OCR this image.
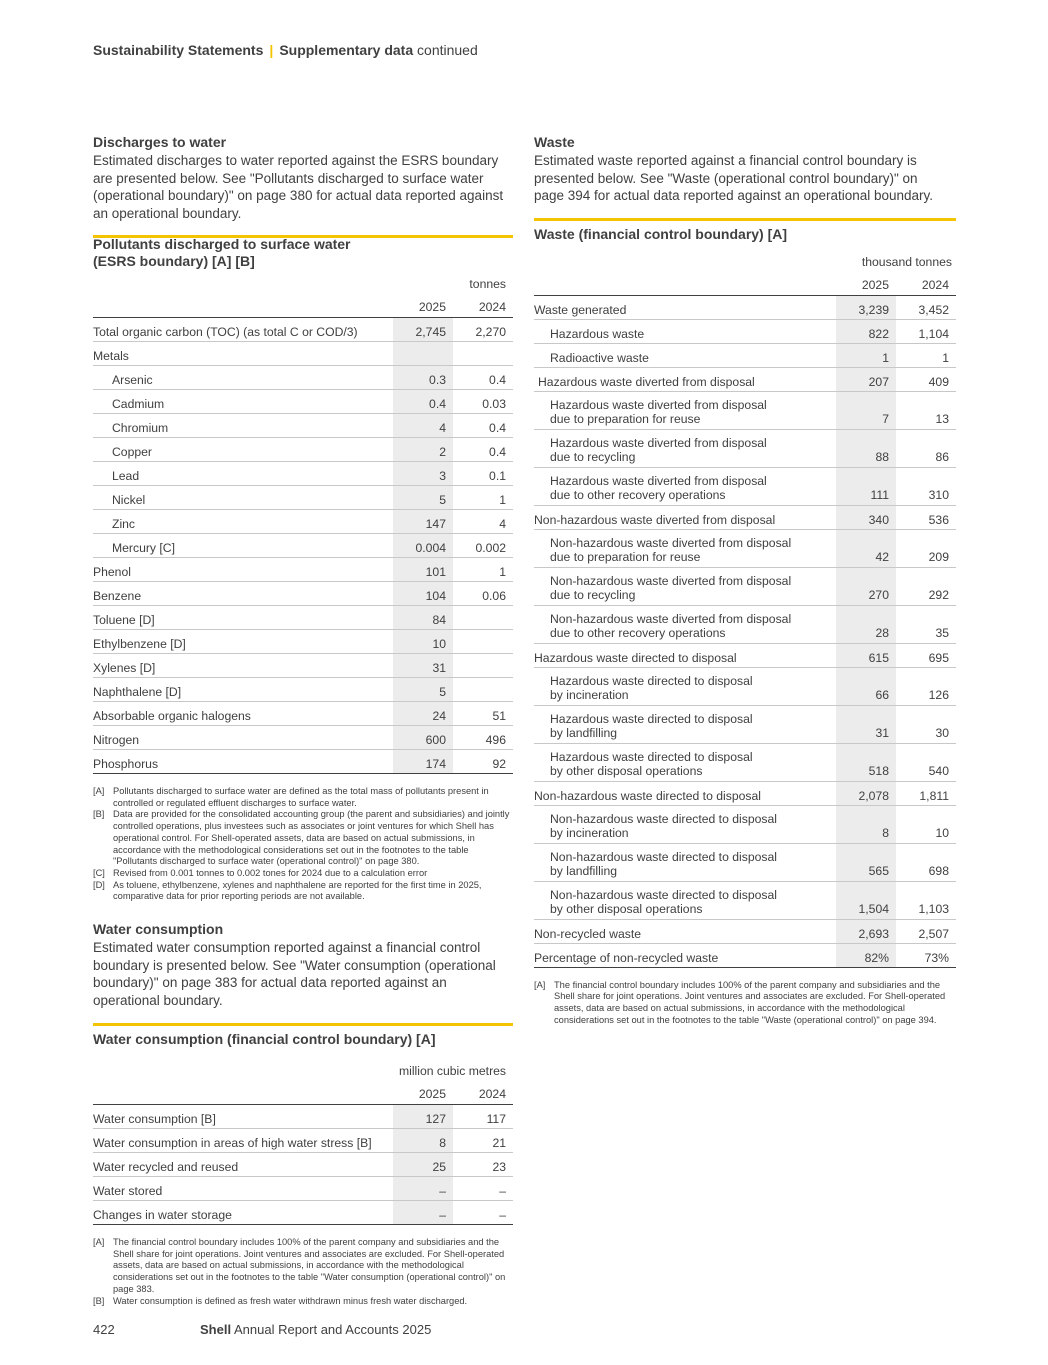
Sustainability Statements | Supplementary data continued

Discharges to water

Estimated discharges to water reported against the ESRS boundary are presented below. See "Pollutants discharged to surface water (operational boundary)" on page 380 for actual data reported against an operational boundary.

Pollutants discharged to surface water (ESRS boundary) [A] [B]

		tonnes
	2025	2024
Total organic carbon (TOC) (as total C or COD/3)	2,745	2,270
Metals		
Arsenic	0.3	0.4
Cadmium	0.4	0.03
Chromium	4	0.4
Copper	2	0.4
Lead	3	0.1
Nickel	5	1
Zinc	147	4
Mercury [C]	0.004	0.002
Phenol	101	1
Benzene	104	0.06
Toluene [D]	84	
Ethylbenzene [D]	10	
Xylenes [D]	31	
Naphthalene [D]	5	
Absorbable organic halogens	24	51
Nitrogen	600	496
Phosphorus	174	92
[A] Pollutants discharged to surface water are defined as the total mass of pollutants present in controlled or regulated effluent discharges to surface water.
[B] Data are provided for the consolidated accounting group (the parent and subsidiaries) and jointly controlled operations, plus investees such as associates or joint ventures for which Shell has operational control. For Shell-operated assets, data are based on actual submissions, in accordance with the methodological considerations set out in the footnotes to the table "Pollutants discharged to surface water (operational control)" on page 380.
[C] Revised from 0.001 tonnes to 0.002 tones for 2024 due to a calculation error
[D] As toluene, ethylbenzene, xylenes and naphthalene are reported for the first time in 2025, comparative data for prior reporting periods are not available.

Water consumption

Estimated water consumption reported against a financial control boundary is presented below. See "Water consumption (operational boundary)" on page 383 for actual data reported against an operational boundary.

Water consumption (financial control boundary) [A]

	million cubic metres	
	2025	2024
Water consumption [B]	127	117
Water consumption in areas of high water stress [B]	8	21
Water recycled and reused	25	23
Water stored	–	–
Changes in water storage	–	–
[A] The financial control boundary includes 100% of the parent company and subsidiaries and the Shell share for joint operations. Joint ventures and associates are excluded. For Shell-operated assets, data are based on actual submissions, in accordance with the methodological considerations set out in the footnotes to the table "Water consumption (operational control)" on page 383.
[B] Water consumption is defined as fresh water withdrawn minus fresh water discharged.

Waste

Estimated waste reported against a financial control boundary is presented below. See "Waste (operational control boundary)" on page 394 for actual data reported against an operational boundary.

Waste (financial control boundary) [A]

	thousand tonnes	
	2025	2024
Waste generated	3,239	3,452
Hazardous waste	822	1,104
Radioactive waste	1	1
Hazardous waste diverted from disposal	207	409
Hazardous waste diverted from disposal
due to preparation for reuse	7	13
Hazardous waste diverted from disposal
due to recycling	88	86
Hazardous waste diverted from disposal
due to other recovery operations	111	310
Non-hazardous waste diverted from disposal	340	536
Non-hazardous waste diverted from disposal
due to preparation for reuse	42	209
Non-hazardous waste diverted from disposal
due to recycling	270	292
Non-hazardous waste diverted from disposal
due to other recovery operations	28	35
Hazardous waste directed to disposal	615	695
Hazardous waste directed to disposal
by incineration	66	126
Hazardous waste directed to disposal
by landfilling	31	30
Hazardous waste directed to disposal
by other disposal operations	518	540
Non-hazardous waste directed to disposal	2,078	1,811
Non-hazardous waste directed to disposal
by incineration	8	10
Non-hazardous waste directed to disposal
by landfilling	565	698
Non-hazardous waste directed to disposal
by other disposal operations	1,504	1,103
Non-recycled waste	2,693	2,507
Percentage of non-recycled waste	82%	73%
[A] The financial control boundary includes 100% of the parent company and subsidiaries and the Shell share for joint operations. Joint ventures and associates are excluded. For Shell-operated assets, data are based on actual submissions, in accordance with the methodological considerations set out in the footnotes to the table "Waste (operational control)" on page 394.
422	Shell Annual Report and Accounts 2025
